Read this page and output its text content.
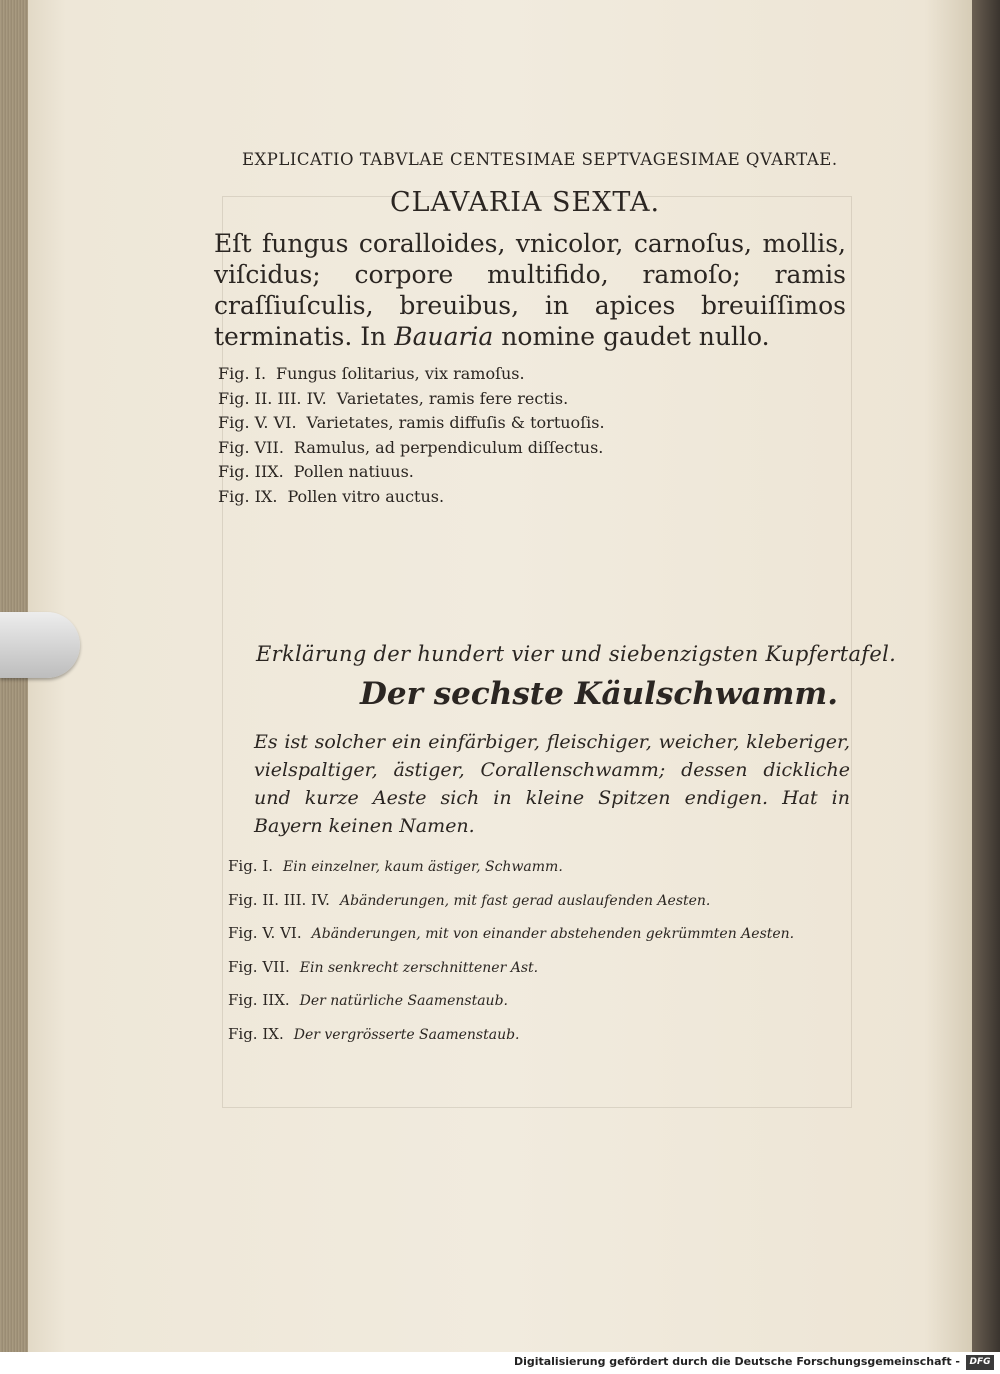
EXPLICATIO TABVLAE CENTESIMAE SEPTVAGESIMAE QVARTAE.
CLAVARIA SEXTA.
Eſt fungus coralloides, vnicolor, carnoſus, mollis, viſcidus; corpore multifido, ramoſo; ramis craſſiuſculis, breuibus, in apices breuiſſimos terminatis. In Bauaria nomine gaudet nullo.
Fig. I. Fungus ſolitarius, vix ramoſus.
Fig. II. III. IV. Varietates, ramis fere rectis.
Fig. V. VI. Varietates, ramis diffuſis & tortuoſis.
Fig. VII. Ramulus, ad perpendiculum diſſectus.
Fig. IIX. Pollen natiuus.
Fig. IX. Pollen vitro auctus.
Erklärung der hundert vier und siebenzigsten Kupfertafel.
Der sechste Käulschwamm.
Es ist solcher ein einfärbiger, fleischiger, weicher, kleberiger, vielspaltiger, ästiger, Corallenschwamm; dessen dickliche und kurze Aeste sich in kleine Spitzen endigen. Hat in Bayern keinen Namen.
Fig. I. Ein einzelner, kaum ästiger, Schwamm.
Fig. II. III. IV. Abänderungen, mit fast gerad auslaufenden Aesten.
Fig. V. VI. Abänderungen, mit von einander abstehenden gekrümmten Aesten.
Fig. VII. Ein senkrecht zerschnittener Ast.
Fig. IIX. Der natürliche Saamenstaub.
Fig. IX. Der vergrösserte Saamenstaub.
Digitalisierung gefördert durch die Deutsche Forschungsgemeinschaft -	DFG
